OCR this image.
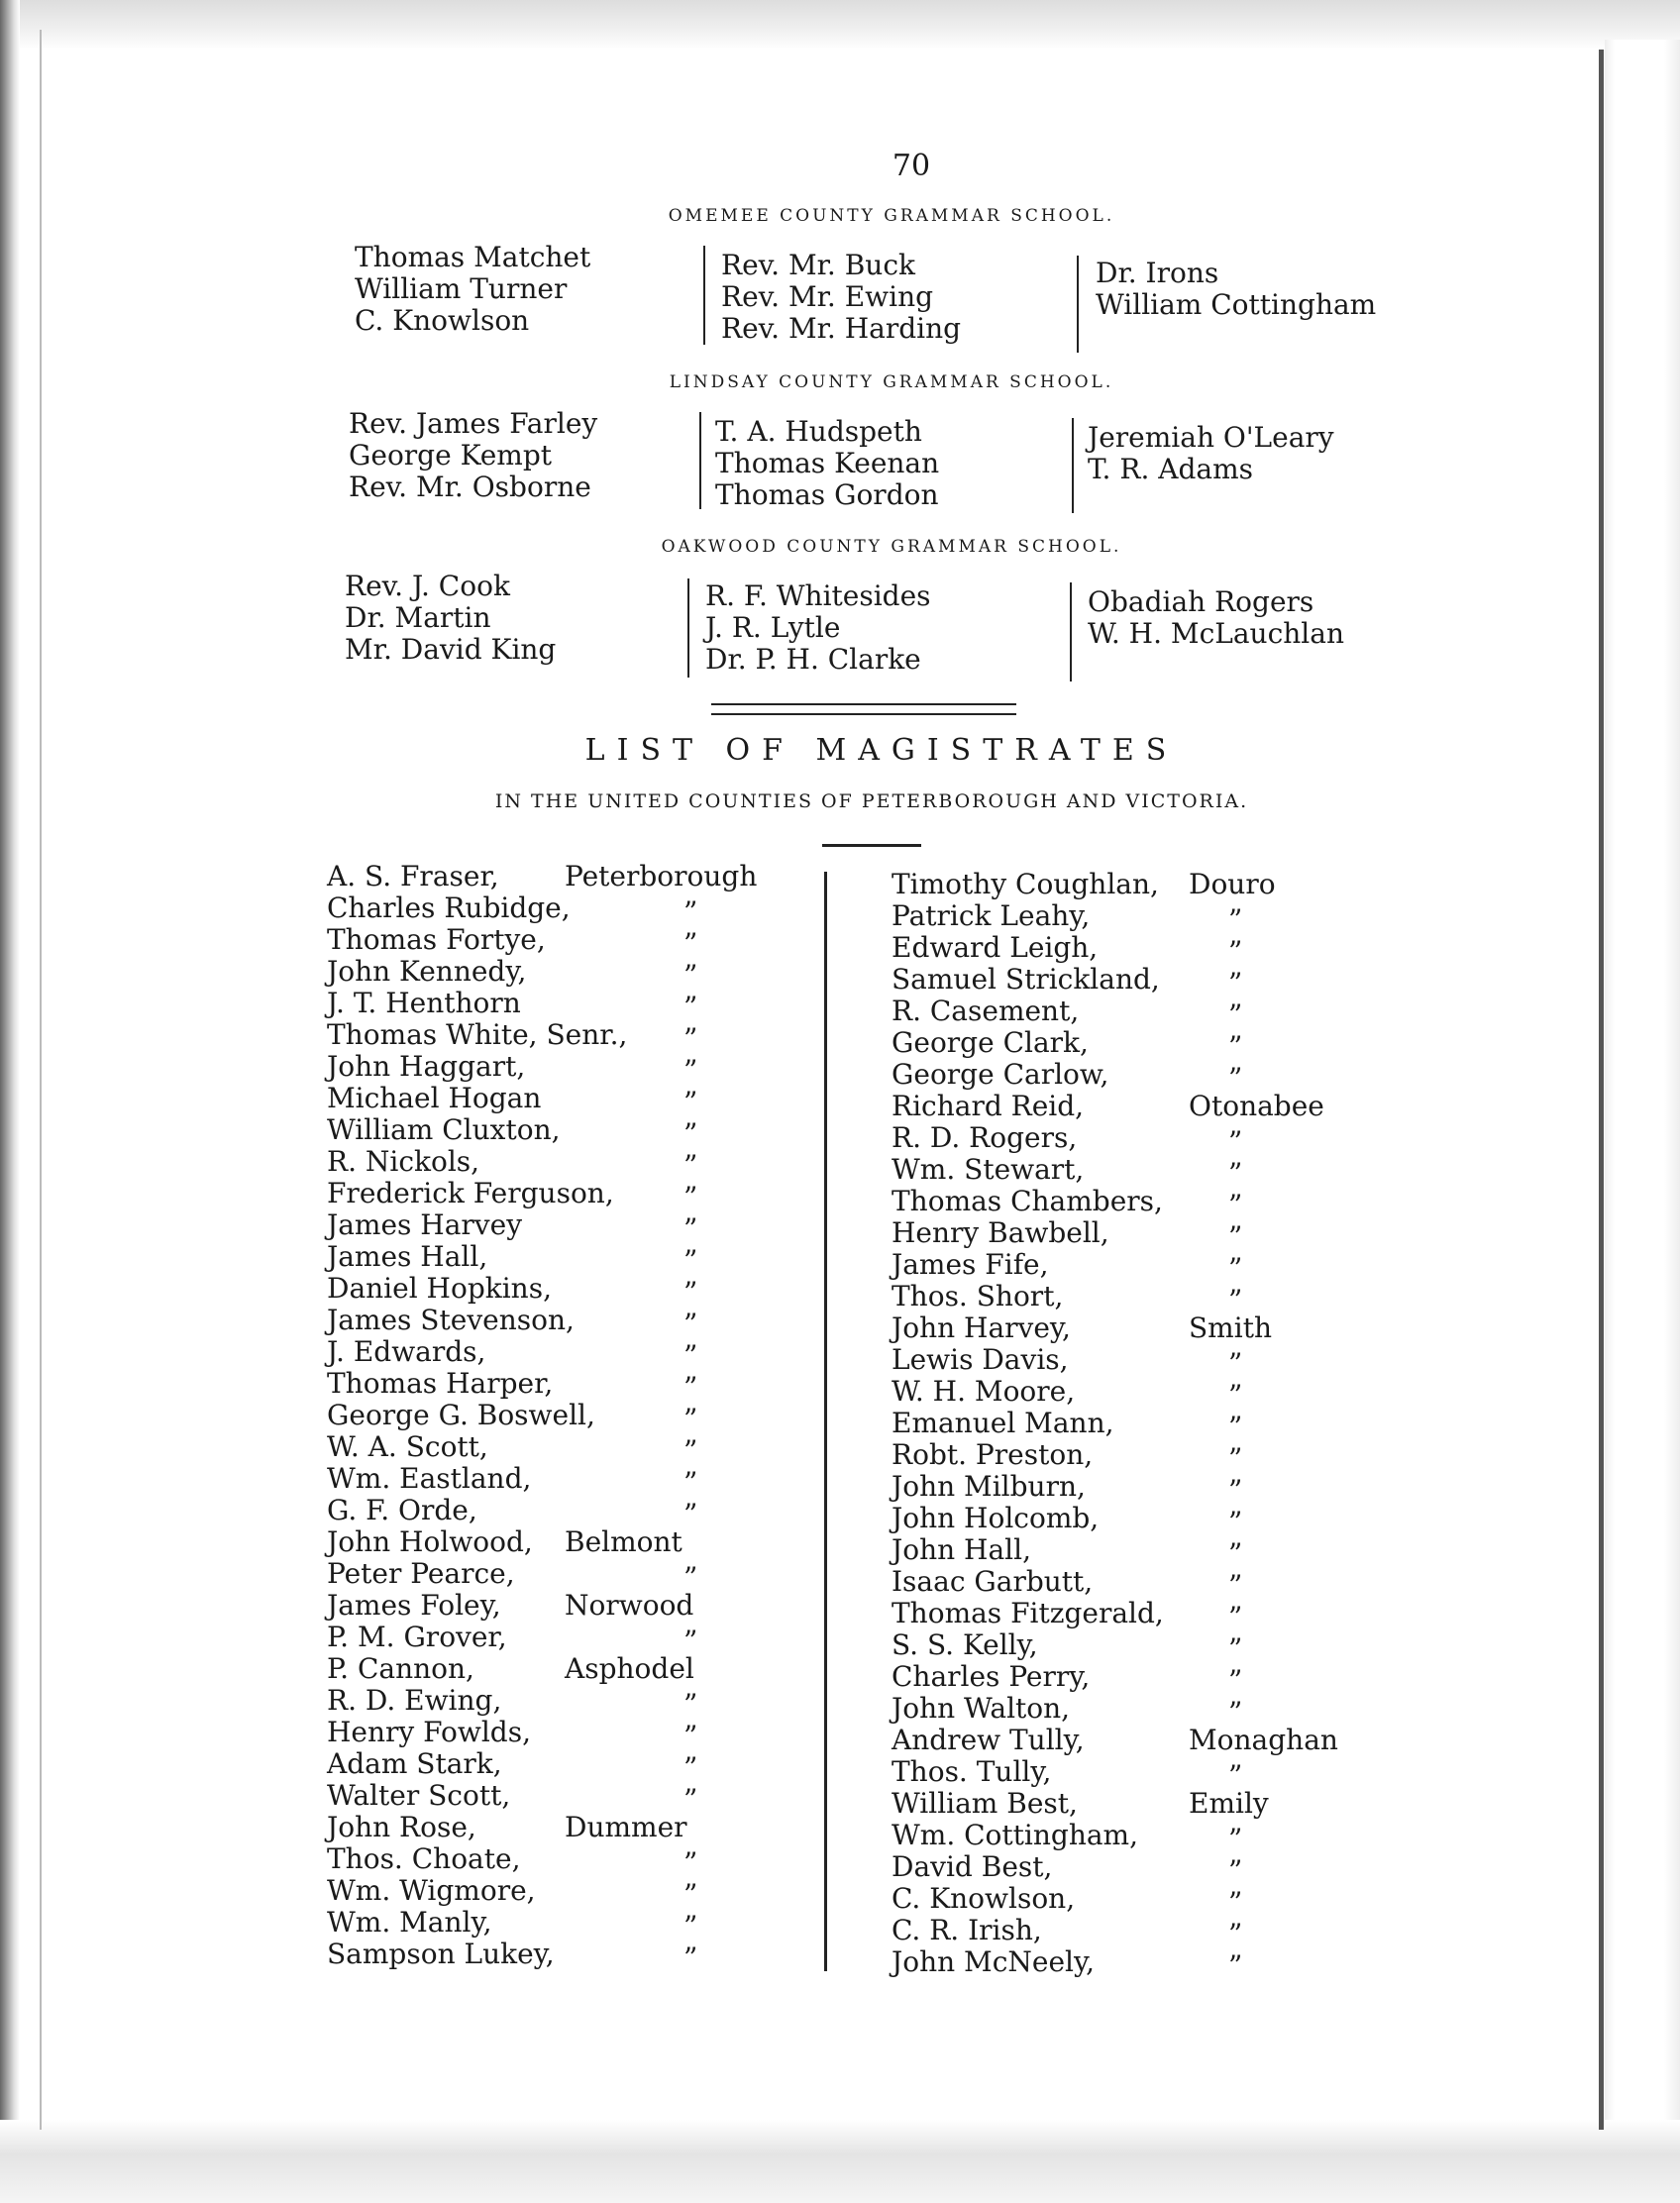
70
OMEMEE COUNTY GRAMMAR SCHOOL.
Thomas Matchet
William Turner
C. Knowlson
Rev. Mr. Buck
Rev. Mr. Ewing
Rev. Mr. Harding
Dr. Irons
William Cottingham
LINDSAY COUNTY GRAMMAR SCHOOL.
Rev. James Farley
George Kempt
Rev. Mr. Osborne
T. A. Hudspeth
Thomas Keenan
Thomas Gordon
Jeremiah O'Leary
T. R. Adams
OAKWOOD COUNTY GRAMMAR SCHOOL.
Rev. J. Cook
Dr. Martin
Mr. David King
R. F. Whitesides
J. R. Lytle
Dr. P. H. Clarke
Obadiah Rogers
W. H. McLauchlan
LIST OF MAGISTRATES
IN THE UNITED COUNTIES OF PETERBOROUGH AND VICTORIA.
A. S. Fraser, Peterborough
Charles Rubidge,	”
Thomas Fortye,	”
John Kennedy,	”
J. T. Henthorn	”
Thomas White, Senr., ”
John Haggart,	”
Michael Hogan	”
William Cluxton,	”
R. Nickols,	”
Frederick Ferguson,	”
James Harvey	”
James Hall,	”
Daniel Hopkins,	”
James Stevenson,	”
J. Edwards,	”
Thomas Harper,	”
George G. Boswell,	”
W. A. Scott,	”
Wm. Eastland,	”
G. F. Orde,	”
John Holwood, Belmont
Peter Pearce,	”
James Foley, Norwood
P. M. Grover,	”
P. Cannon,	Asphodel
R. D. Ewing,	”
Henry Fowlds,	”
Adam Stark,	”
Walter Scott,	”
John Rose,	Dummer
Thos. Choate,	”
Wm. Wigmore,	”
Wm. Manly,	”
Sampson Lukey,	”
Timothy Coughlan, Douro
Patrick Leahy,	”
Edward Leigh,	”
Samuel Strickland, ”
R. Casement,	”
George Clark,	”
George Carlow,	”
Richard Reid,	Otonabee
R. D. Rogers,	”
Wm. Stewart,	”
Thomas Chambers, ”
Henry Bawbell,	”
James Fife,	”
Thos. Short,	”
John Harvey,	Smith
Lewis Davis,	”
W. H. Moore,	”
Emanuel Mann,	”
Robt. Preston,	”
John Milburn,	”
John Holcomb,	”
John Hall,	”
Isaac Garbutt,	”
Thomas Fitzgerald, ”
S. S. Kelly,	”
Charles Perry,	”
John Walton,	”
Andrew Tully,	Monaghan
Thos. Tully,	”
William Best,	Emily
Wm. Cottingham,	”
David Best,	”
C. Knowlson,	”
C. R. Irish,	”
John McNeely,	”
